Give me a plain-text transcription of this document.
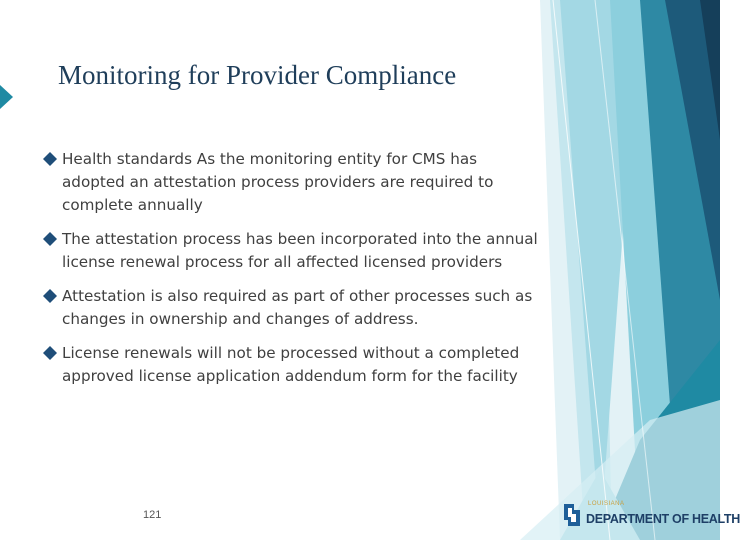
Monitoring for Provider Compliance
Health standards As the monitoring entity for CMS has adopted an attestation process providers are required to complete annually
The attestation process has been incorporated into the annual license renewal process for all affected licensed providers
Attestation is also required as part of other processes such as changes in ownership and changes of address.
License renewals will not be processed without a completed approved license application addendum form for the facility
121
LOUISIANA
DEPARTMENT OF HEALTH
